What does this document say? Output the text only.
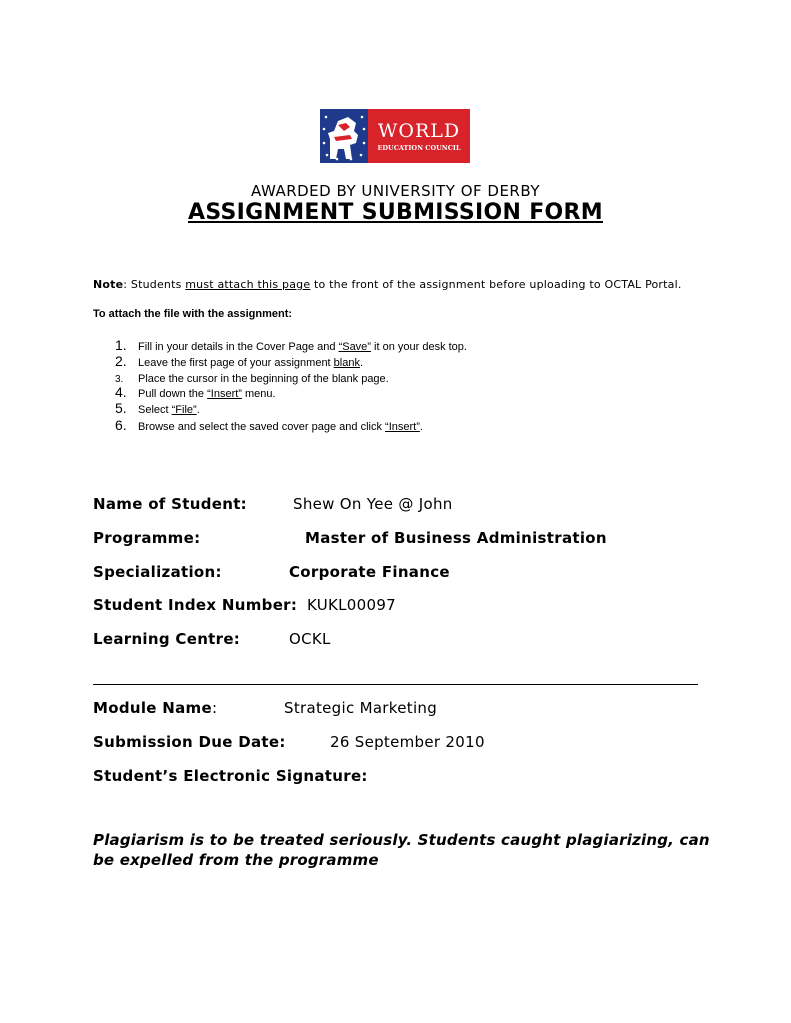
WORLD
EDUCATION COUNCIL
AWARDED BY UNIVERSITY OF DERBY
ASSIGNMENT SUBMISSION FORM
Note: Students must attach this page to the front of the assignment before uploading to OCTAL Portal.
To attach the file with the assignment:
1. Fill in your details in the Cover Page and “Save” it on your desk top.
2. Leave the first page of your assignment blank.
3. Place the cursor in the beginning of the blank page.
4. Pull down the “Insert” menu.
5. Select “File”.
6. Browse and select the saved cover page and click “Insert”.
Name of Student:	Shew On Yee @ John
Programme:	Master of Business Administration
Specialization:	Corporate Finance
Student Index Number: KUKL00097
Learning Centre:	OCKL
Module Name:	Strategic Marketing
Submission Due Date:	26 September 2010
Student’s Electronic Signature:
Plagiarism is to be treated seriously. Students caught plagiarizing, can be expelled from the programme
